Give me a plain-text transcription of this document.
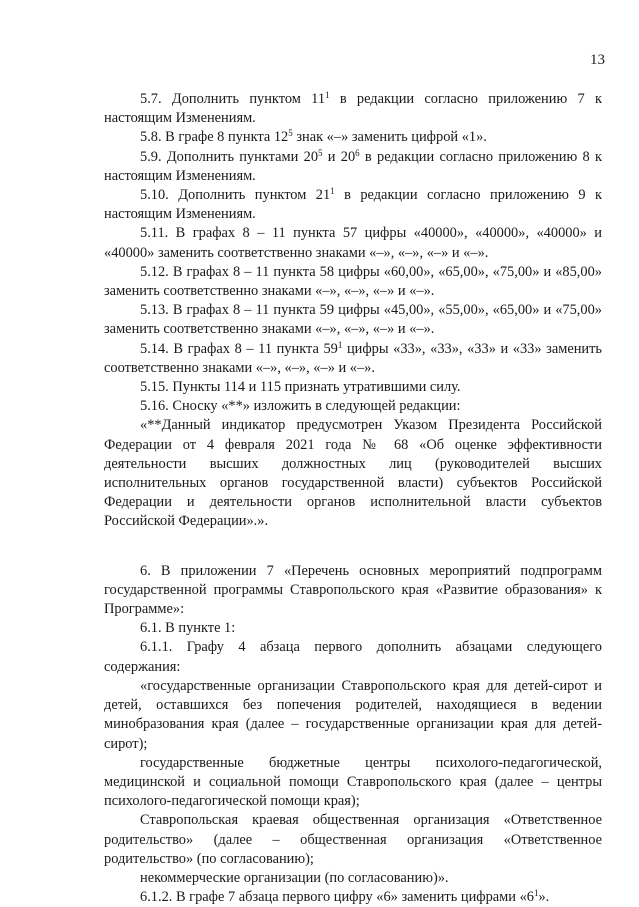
13

5.7. Дополнить пунктом $11^1$ в редакции согласно приложению 7 к настоящим Изменениям.

5.8. В графе 8 пункта $12^5$ знак «–» заменить цифрой «1».

5.9. Дополнить пунктами $20^5$ и $20^6$ в редакции согласно приложению 8 к настоящим Изменениям.

5.10. Дополнить пунктом $21^1$ в редакции согласно приложению 9 к настоящим Изменениям.

5.11. В графах 8 – 11 пункта 57 цифры «40000», «40000», «40000» и «40000» заменить соответственно знаками «–», «–», «–» и «–».

5.12. В графах 8 – 11 пункта 58 цифры «60,00», «65,00», «75,00» и «85,00» заменить соответственно знаками «–», «–», «–» и «–».

5.13. В графах 8 – 11 пункта 59 цифры «45,00», «55,00», «65,00» и «75,00» заменить соответственно знаками «–», «–», «–» и «–».

5.14. В графах 8 – 11 пункта $59^1$ цифры «33», «33», «33» и «33» заменить соответственно знаками «–», «–», «–» и «–».

5.15. Пункты 114 и 115 признать утратившими силу.

5.16. Сноску «**» изложить в следующей редакции:

«**Данный индикатор предусмотрен Указом Президента Российской Федерации от 4 февраля 2021 года № 68 «Об оценке эффективности деятельности высших должностных лиц (руководителей высших исполнительных органов государственной власти) субъектов Российской Федерации и деятельности органов исполнительной власти субъектов Российской Федерации».».

6. В приложении 7 «Перечень основных мероприятий подпрограмм государственной программы Ставропольского края «Развитие образования» к Программе»:

6.1. В пункте 1:

6.1.1. Графу 4 абзаца первого дополнить абзацами следующего содержания:

«государственные организации Ставропольского края для детей-сирот и детей, оставшихся без попечения родителей, находящиеся в ведении минобразования края (далее – государственные организации края для детей-сирот);

государственные бюджетные центры психолого-педагогической, медицинской и социальной помощи Ставропольского края (далее – центры психолого-педагогической помощи края);

Ставропольская краевая общественная организация «Ответственное родительство» (далее – общественная организация «Ответственное родительство» (по согласованию);

некоммерческие организации (по согласованию)».

6.1.2. В графе 7 абзаца первого цифру «6» заменить цифрами «$6^1$».
